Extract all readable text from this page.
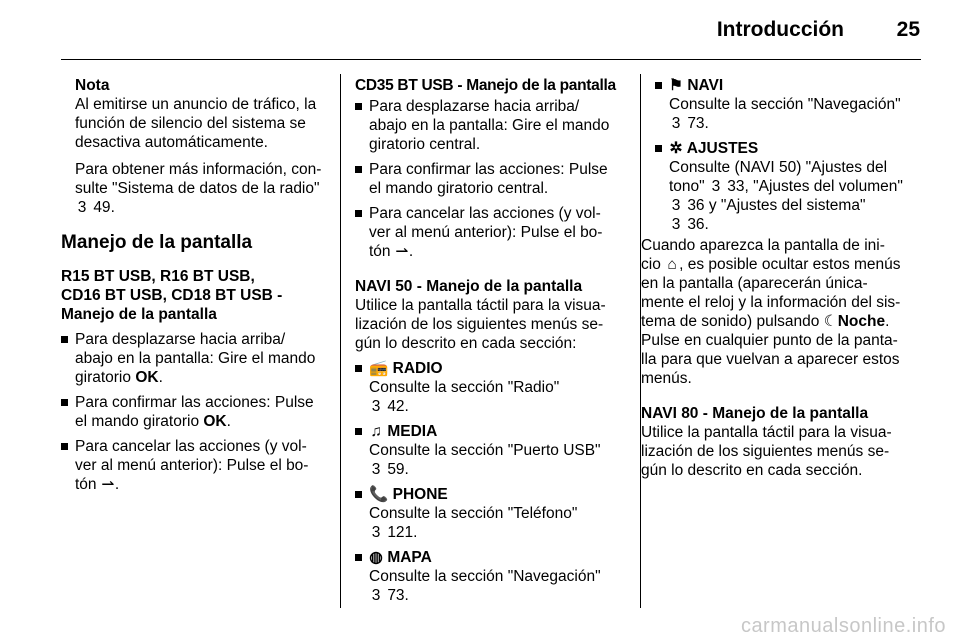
Introducción	25

Nota

Al emitirse un anuncio de tráfico, la

función de silencio del sistema se

desactiva automáticamente.

Para obtener más información, con-

sulte "Sistema de datos de la radio"

3 49.

Manejo de la pantalla

R15 BT USB, R16 BT USB,

CD16 BT USB, CD18 BT USB -

Manejo de la pantalla

Para desplazarse hacia arriba/

abajo en la pantalla: Gire el mando

giratorio OK.

Para confirmar las acciones: Pulse

el mando giratorio OK.

Para cancelar las acciones (y vol-

ver al menú anterior): Pulse el bo-

tón ⇀.

CD35 BT USB - Manejo de la pantalla

Para desplazarse hacia arriba/

abajo en la pantalla: Gire el mando

giratorio central.

Para confirmar las acciones: Pulse

el mando giratorio central.

Para cancelar las acciones (y vol-

ver al menú anterior): Pulse el bo-

tón ⇀.

NAVI 50 - Manejo de la pantalla

Utilice la pantalla táctil para la visua-

lización de los siguientes menús se-

gún lo descrito en cada sección:

📻 RADIO

Consulte la sección "Radio"

3 42.

♫ MEDIA

Consulte la sección "Puerto USB"

3 59.

📞 PHONE

Consulte la sección "Teléfono"

3 121.

◍ MAPA

Consulte la sección "Navegación"

3 73.

⚑ NAVI

Consulte la sección "Navegación"

3 73.

✲ AJUSTES

Consulte (NAVI 50) "Ajustes del

tono" 3 33, "Ajustes del volumen"

3 36 y "Ajustes del sistema"

3 36.

Cuando aparezca la pantalla de ini-

cio ⌂ , es posible ocultar estos menús

en la pantalla (aparecerán única-

mente el reloj y la información del sis-

tema de sonido) pulsando ☾Noche.

Pulse en cualquier punto de la panta-

lla para que vuelvan a aparecer estos

menús.

NAVI 80 - Manejo de la pantalla

Utilice la pantalla táctil para la visua-

lización de los siguientes menús se-

gún lo descrito en cada sección.

carmanualsonline.info
